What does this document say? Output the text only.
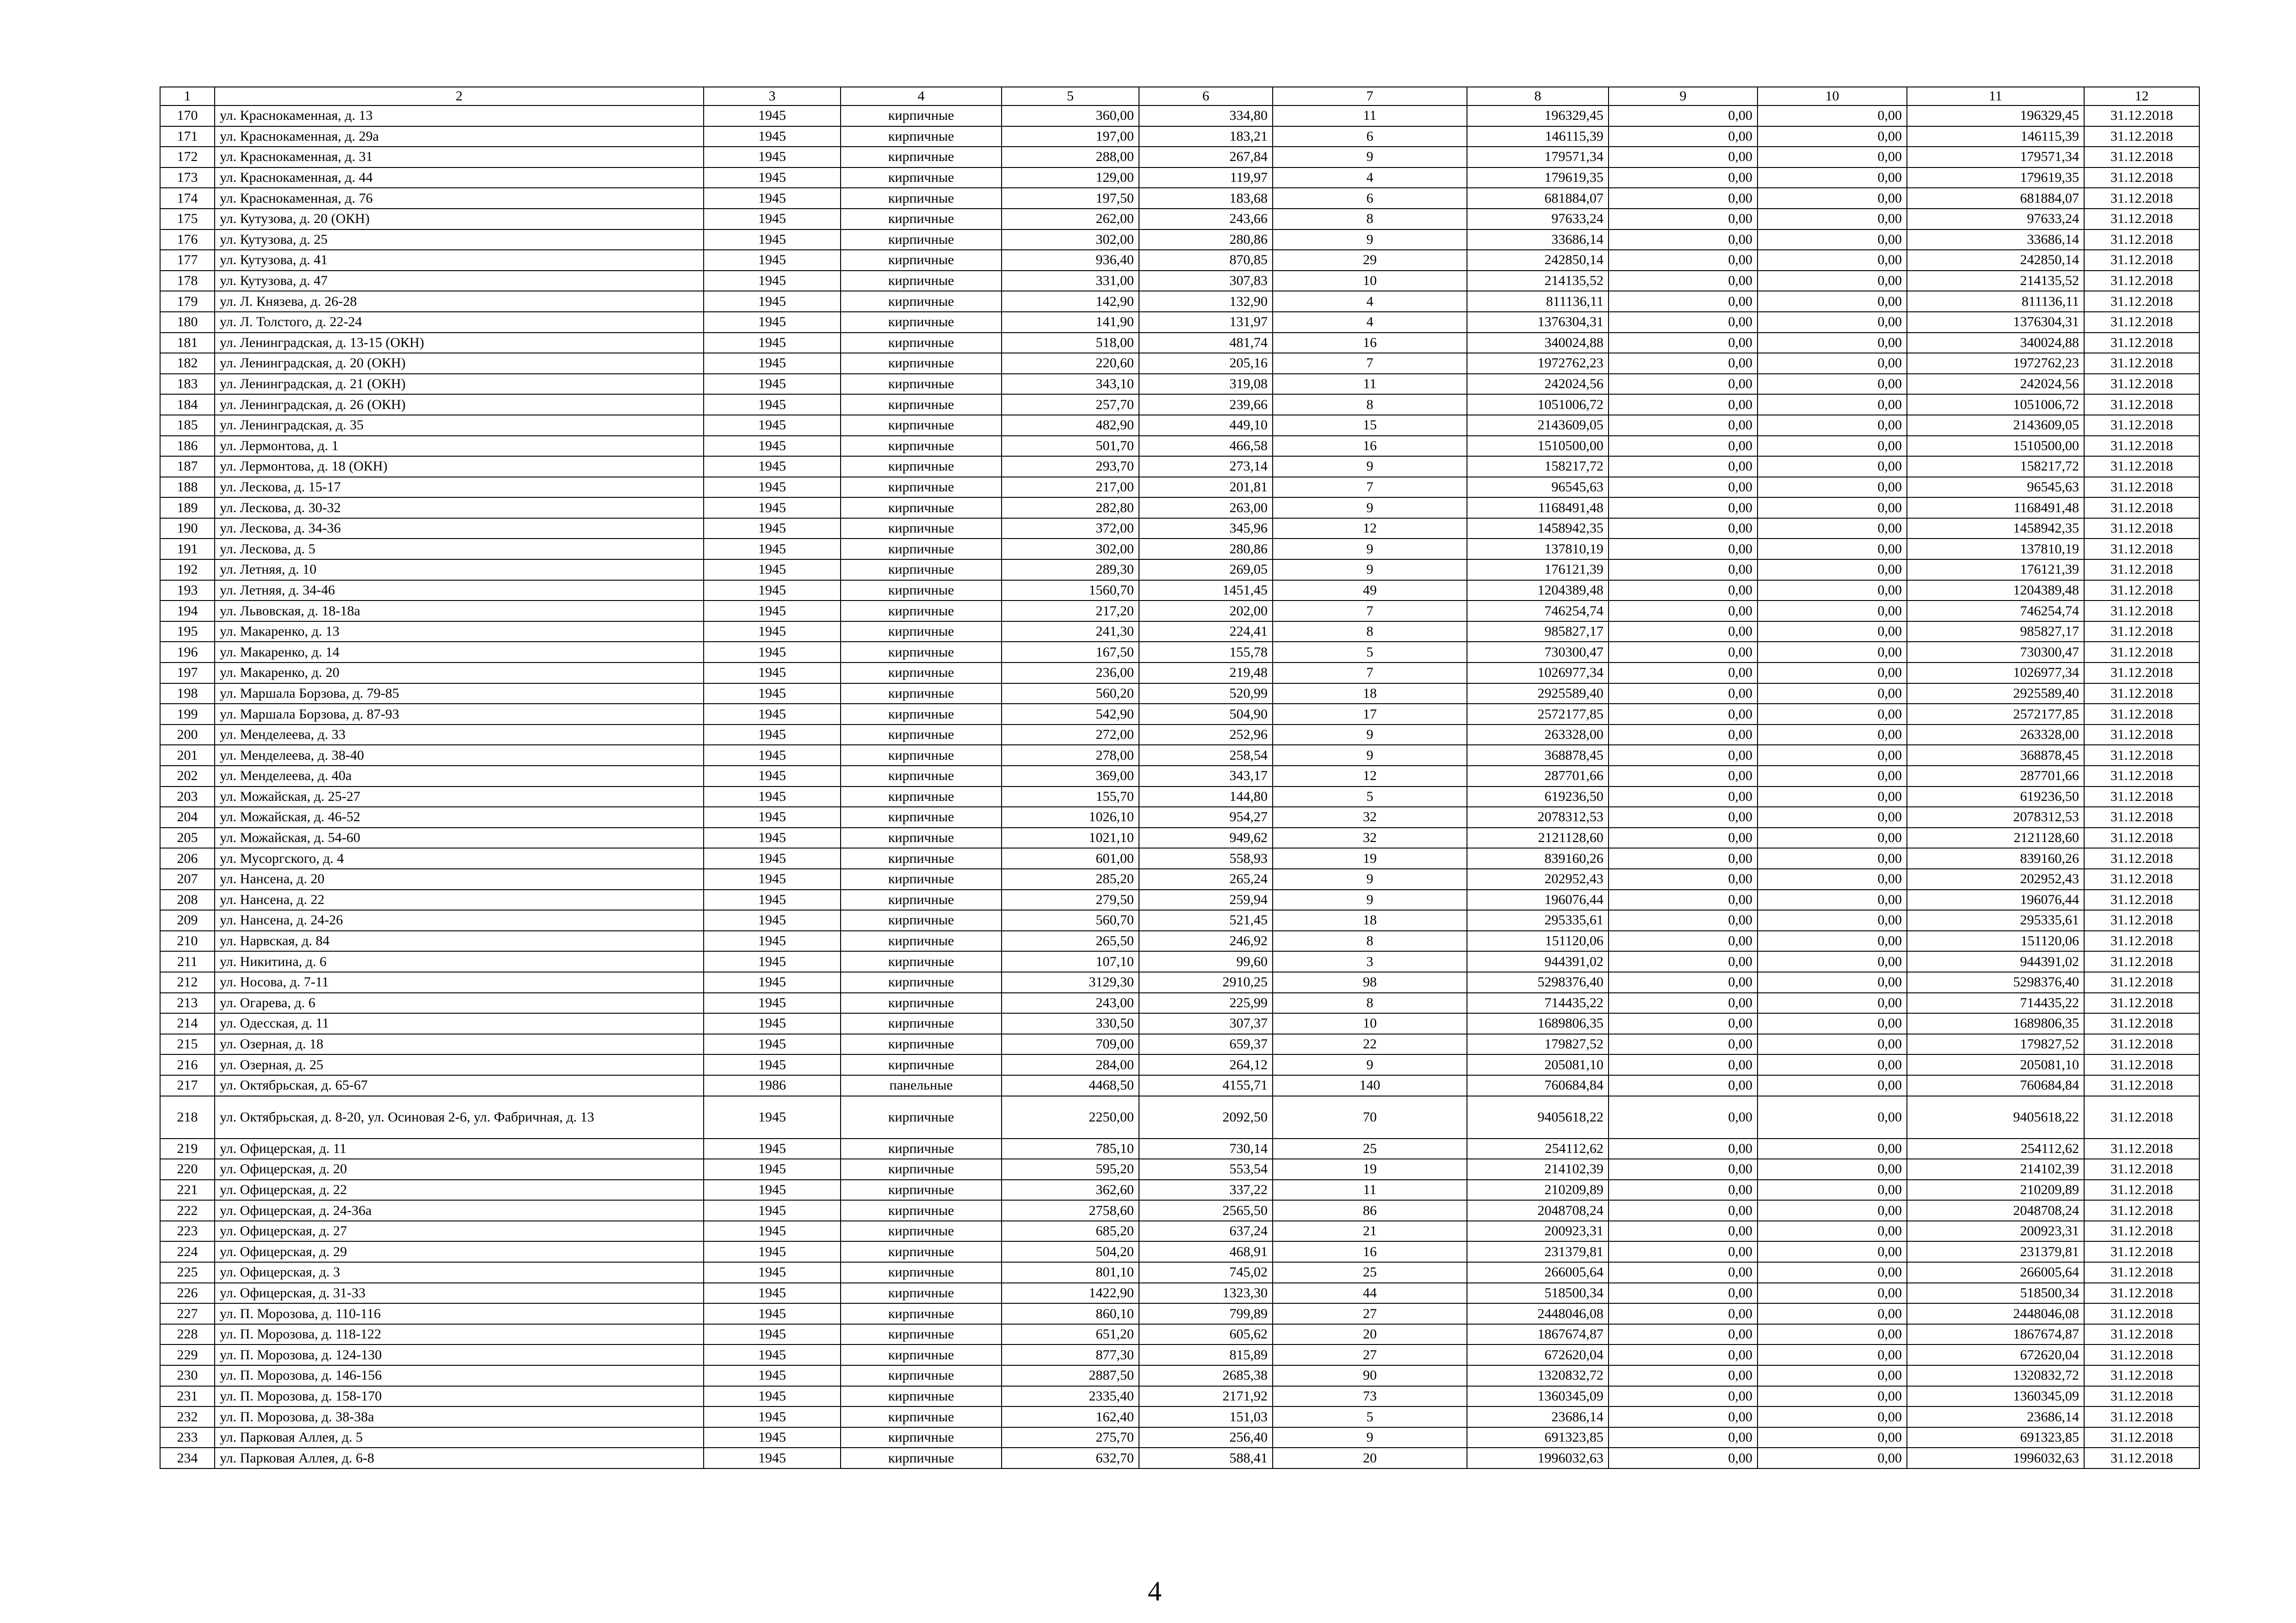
1	2	3	4	5	6	7	8	9	10	11	12
170	ул. Краснокаменная, д. 13	1945	кирпичные	360,00	334,80	11	196329,45	0,00	0,00	196329,45	31.12.2018
171	ул. Краснокаменная, д. 29а	1945	кирпичные	197,00	183,21	6	146115,39	0,00	0,00	146115,39	31.12.2018
172	ул. Краснокаменная, д. 31	1945	кирпичные	288,00	267,84	9	179571,34	0,00	0,00	179571,34	31.12.2018
173	ул. Краснокаменная, д. 44	1945	кирпичные	129,00	119,97	4	179619,35	0,00	0,00	179619,35	31.12.2018
174	ул. Краснокаменная, д. 76	1945	кирпичные	197,50	183,68	6	681884,07	0,00	0,00	681884,07	31.12.2018
175	ул. Кутузова, д. 20 (ОКН)	1945	кирпичные	262,00	243,66	8	97633,24	0,00	0,00	97633,24	31.12.2018
176	ул. Кутузова, д. 25	1945	кирпичные	302,00	280,86	9	33686,14	0,00	0,00	33686,14	31.12.2018
177	ул. Кутузова, д. 41	1945	кирпичные	936,40	870,85	29	242850,14	0,00	0,00	242850,14	31.12.2018
178	ул. Кутузова, д. 47	1945	кирпичные	331,00	307,83	10	214135,52	0,00	0,00	214135,52	31.12.2018
179	ул. Л. Князева, д. 26-28	1945	кирпичные	142,90	132,90	4	811136,11	0,00	0,00	811136,11	31.12.2018
180	ул. Л. Толстого, д. 22-24	1945	кирпичные	141,90	131,97	4	1376304,31	0,00	0,00	1376304,31	31.12.2018
181	ул. Ленинградская, д. 13-15 (ОКН)	1945	кирпичные	518,00	481,74	16	340024,88	0,00	0,00	340024,88	31.12.2018
182	ул. Ленинградская, д. 20 (ОКН)	1945	кирпичные	220,60	205,16	7	1972762,23	0,00	0,00	1972762,23	31.12.2018
183	ул. Ленинградская, д. 21 (ОКН)	1945	кирпичные	343,10	319,08	11	242024,56	0,00	0,00	242024,56	31.12.2018
184	ул. Ленинградская, д. 26 (ОКН)	1945	кирпичные	257,70	239,66	8	1051006,72	0,00	0,00	1051006,72	31.12.2018
185	ул. Ленинградская, д. 35	1945	кирпичные	482,90	449,10	15	2143609,05	0,00	0,00	2143609,05	31.12.2018
186	ул. Лермонтова, д. 1	1945	кирпичные	501,70	466,58	16	1510500,00	0,00	0,00	1510500,00	31.12.2018
187	ул. Лермонтова, д. 18 (ОКН)	1945	кирпичные	293,70	273,14	9	158217,72	0,00	0,00	158217,72	31.12.2018
188	ул. Лескова, д. 15-17	1945	кирпичные	217,00	201,81	7	96545,63	0,00	0,00	96545,63	31.12.2018
189	ул. Лескова, д. 30-32	1945	кирпичные	282,80	263,00	9	1168491,48	0,00	0,00	1168491,48	31.12.2018
190	ул. Лескова, д. 34-36	1945	кирпичные	372,00	345,96	12	1458942,35	0,00	0,00	1458942,35	31.12.2018
191	ул. Лескова, д. 5	1945	кирпичные	302,00	280,86	9	137810,19	0,00	0,00	137810,19	31.12.2018
192	ул. Летняя, д. 10	1945	кирпичные	289,30	269,05	9	176121,39	0,00	0,00	176121,39	31.12.2018
193	ул. Летняя, д. 34-46	1945	кирпичные	1560,70	1451,45	49	1204389,48	0,00	0,00	1204389,48	31.12.2018
194	ул. Львовская, д. 18-18а	1945	кирпичные	217,20	202,00	7	746254,74	0,00	0,00	746254,74	31.12.2018
195	ул. Макаренко, д. 13	1945	кирпичные	241,30	224,41	8	985827,17	0,00	0,00	985827,17	31.12.2018
196	ул. Макаренко, д. 14	1945	кирпичные	167,50	155,78	5	730300,47	0,00	0,00	730300,47	31.12.2018
197	ул. Макаренко, д. 20	1945	кирпичные	236,00	219,48	7	1026977,34	0,00	0,00	1026977,34	31.12.2018
198	ул. Маршала Борзова, д. 79-85	1945	кирпичные	560,20	520,99	18	2925589,40	0,00	0,00	2925589,40	31.12.2018
199	ул. Маршала Борзова, д. 87-93	1945	кирпичные	542,90	504,90	17	2572177,85	0,00	0,00	2572177,85	31.12.2018
200	ул. Менделеева, д. 33	1945	кирпичные	272,00	252,96	9	263328,00	0,00	0,00	263328,00	31.12.2018
201	ул. Менделеева, д. 38-40	1945	кирпичные	278,00	258,54	9	368878,45	0,00	0,00	368878,45	31.12.2018
202	ул. Менделеева, д. 40а	1945	кирпичные	369,00	343,17	12	287701,66	0,00	0,00	287701,66	31.12.2018
203	ул. Можайская, д. 25-27	1945	кирпичные	155,70	144,80	5	619236,50	0,00	0,00	619236,50	31.12.2018
204	ул. Можайская, д. 46-52	1945	кирпичные	1026,10	954,27	32	2078312,53	0,00	0,00	2078312,53	31.12.2018
205	ул. Можайская, д. 54-60	1945	кирпичные	1021,10	949,62	32	2121128,60	0,00	0,00	2121128,60	31.12.2018
206	ул. Мусоргского, д. 4	1945	кирпичные	601,00	558,93	19	839160,26	0,00	0,00	839160,26	31.12.2018
207	ул. Нансена, д. 20	1945	кирпичные	285,20	265,24	9	202952,43	0,00	0,00	202952,43	31.12.2018
208	ул. Нансена, д. 22	1945	кирпичные	279,50	259,94	9	196076,44	0,00	0,00	196076,44	31.12.2018
209	ул. Нансена, д. 24-26	1945	кирпичные	560,70	521,45	18	295335,61	0,00	0,00	295335,61	31.12.2018
210	ул. Нарвская, д. 84	1945	кирпичные	265,50	246,92	8	151120,06	0,00	0,00	151120,06	31.12.2018
211	ул. Никитина, д. 6	1945	кирпичные	107,10	99,60	3	944391,02	0,00	0,00	944391,02	31.12.2018
212	ул. Носова, д. 7-11	1945	кирпичные	3129,30	2910,25	98	5298376,40	0,00	0,00	5298376,40	31.12.2018
213	ул. Огарева, д. 6	1945	кирпичные	243,00	225,99	8	714435,22	0,00	0,00	714435,22	31.12.2018
214	ул. Одесская, д. 11	1945	кирпичные	330,50	307,37	10	1689806,35	0,00	0,00	1689806,35	31.12.2018
215	ул. Озерная, д. 18	1945	кирпичные	709,00	659,37	22	179827,52	0,00	0,00	179827,52	31.12.2018
216	ул. Озерная, д. 25	1945	кирпичные	284,00	264,12	9	205081,10	0,00	0,00	205081,10	31.12.2018
217	ул. Октябрьская, д. 65-67	1986	панельные	4468,50	4155,71	140	760684,84	0,00	0,00	760684,84	31.12.2018
218	ул. Октябрьская, д. 8-20, ул. Осиновая 2-6, ул. Фабричная, д. 13	1945	кирпичные	2250,00	2092,50	70	9405618,22	0,00	0,00	9405618,22	31.12.2018
219	ул. Офицерская, д. 11	1945	кирпичные	785,10	730,14	25	254112,62	0,00	0,00	254112,62	31.12.2018
220	ул. Офицерская, д. 20	1945	кирпичные	595,20	553,54	19	214102,39	0,00	0,00	214102,39	31.12.2018
221	ул. Офицерская, д. 22	1945	кирпичные	362,60	337,22	11	210209,89	0,00	0,00	210209,89	31.12.2018
222	ул. Офицерская, д. 24-36а	1945	кирпичные	2758,60	2565,50	86	2048708,24	0,00	0,00	2048708,24	31.12.2018
223	ул. Офицерская, д. 27	1945	кирпичные	685,20	637,24	21	200923,31	0,00	0,00	200923,31	31.12.2018
224	ул. Офицерская, д. 29	1945	кирпичные	504,20	468,91	16	231379,81	0,00	0,00	231379,81	31.12.2018
225	ул. Офицерская, д. 3	1945	кирпичные	801,10	745,02	25	266005,64	0,00	0,00	266005,64	31.12.2018
226	ул. Офицерская, д. 31-33	1945	кирпичные	1422,90	1323,30	44	518500,34	0,00	0,00	518500,34	31.12.2018
227	ул. П. Морозова, д. 110-116	1945	кирпичные	860,10	799,89	27	2448046,08	0,00	0,00	2448046,08	31.12.2018
228	ул. П. Морозова, д. 118-122	1945	кирпичные	651,20	605,62	20	1867674,87	0,00	0,00	1867674,87	31.12.2018
229	ул. П. Морозова, д. 124-130	1945	кирпичные	877,30	815,89	27	672620,04	0,00	0,00	672620,04	31.12.2018
230	ул. П. Морозова, д. 146-156	1945	кирпичные	2887,50	2685,38	90	1320832,72	0,00	0,00	1320832,72	31.12.2018
231	ул. П. Морозова, д. 158-170	1945	кирпичные	2335,40	2171,92	73	1360345,09	0,00	0,00	1360345,09	31.12.2018
232	ул. П. Морозова, д. 38-38а	1945	кирпичные	162,40	151,03	5	23686,14	0,00	0,00	23686,14	31.12.2018
233	ул. Парковая Аллея, д. 5	1945	кирпичные	275,70	256,40	9	691323,85	0,00	0,00	691323,85	31.12.2018
234	ул. Парковая Аллея, д. 6-8	1945	кирпичные	632,70	588,41	20	1996032,63	0,00	0,00	1996032,63	31.12.2018
4
